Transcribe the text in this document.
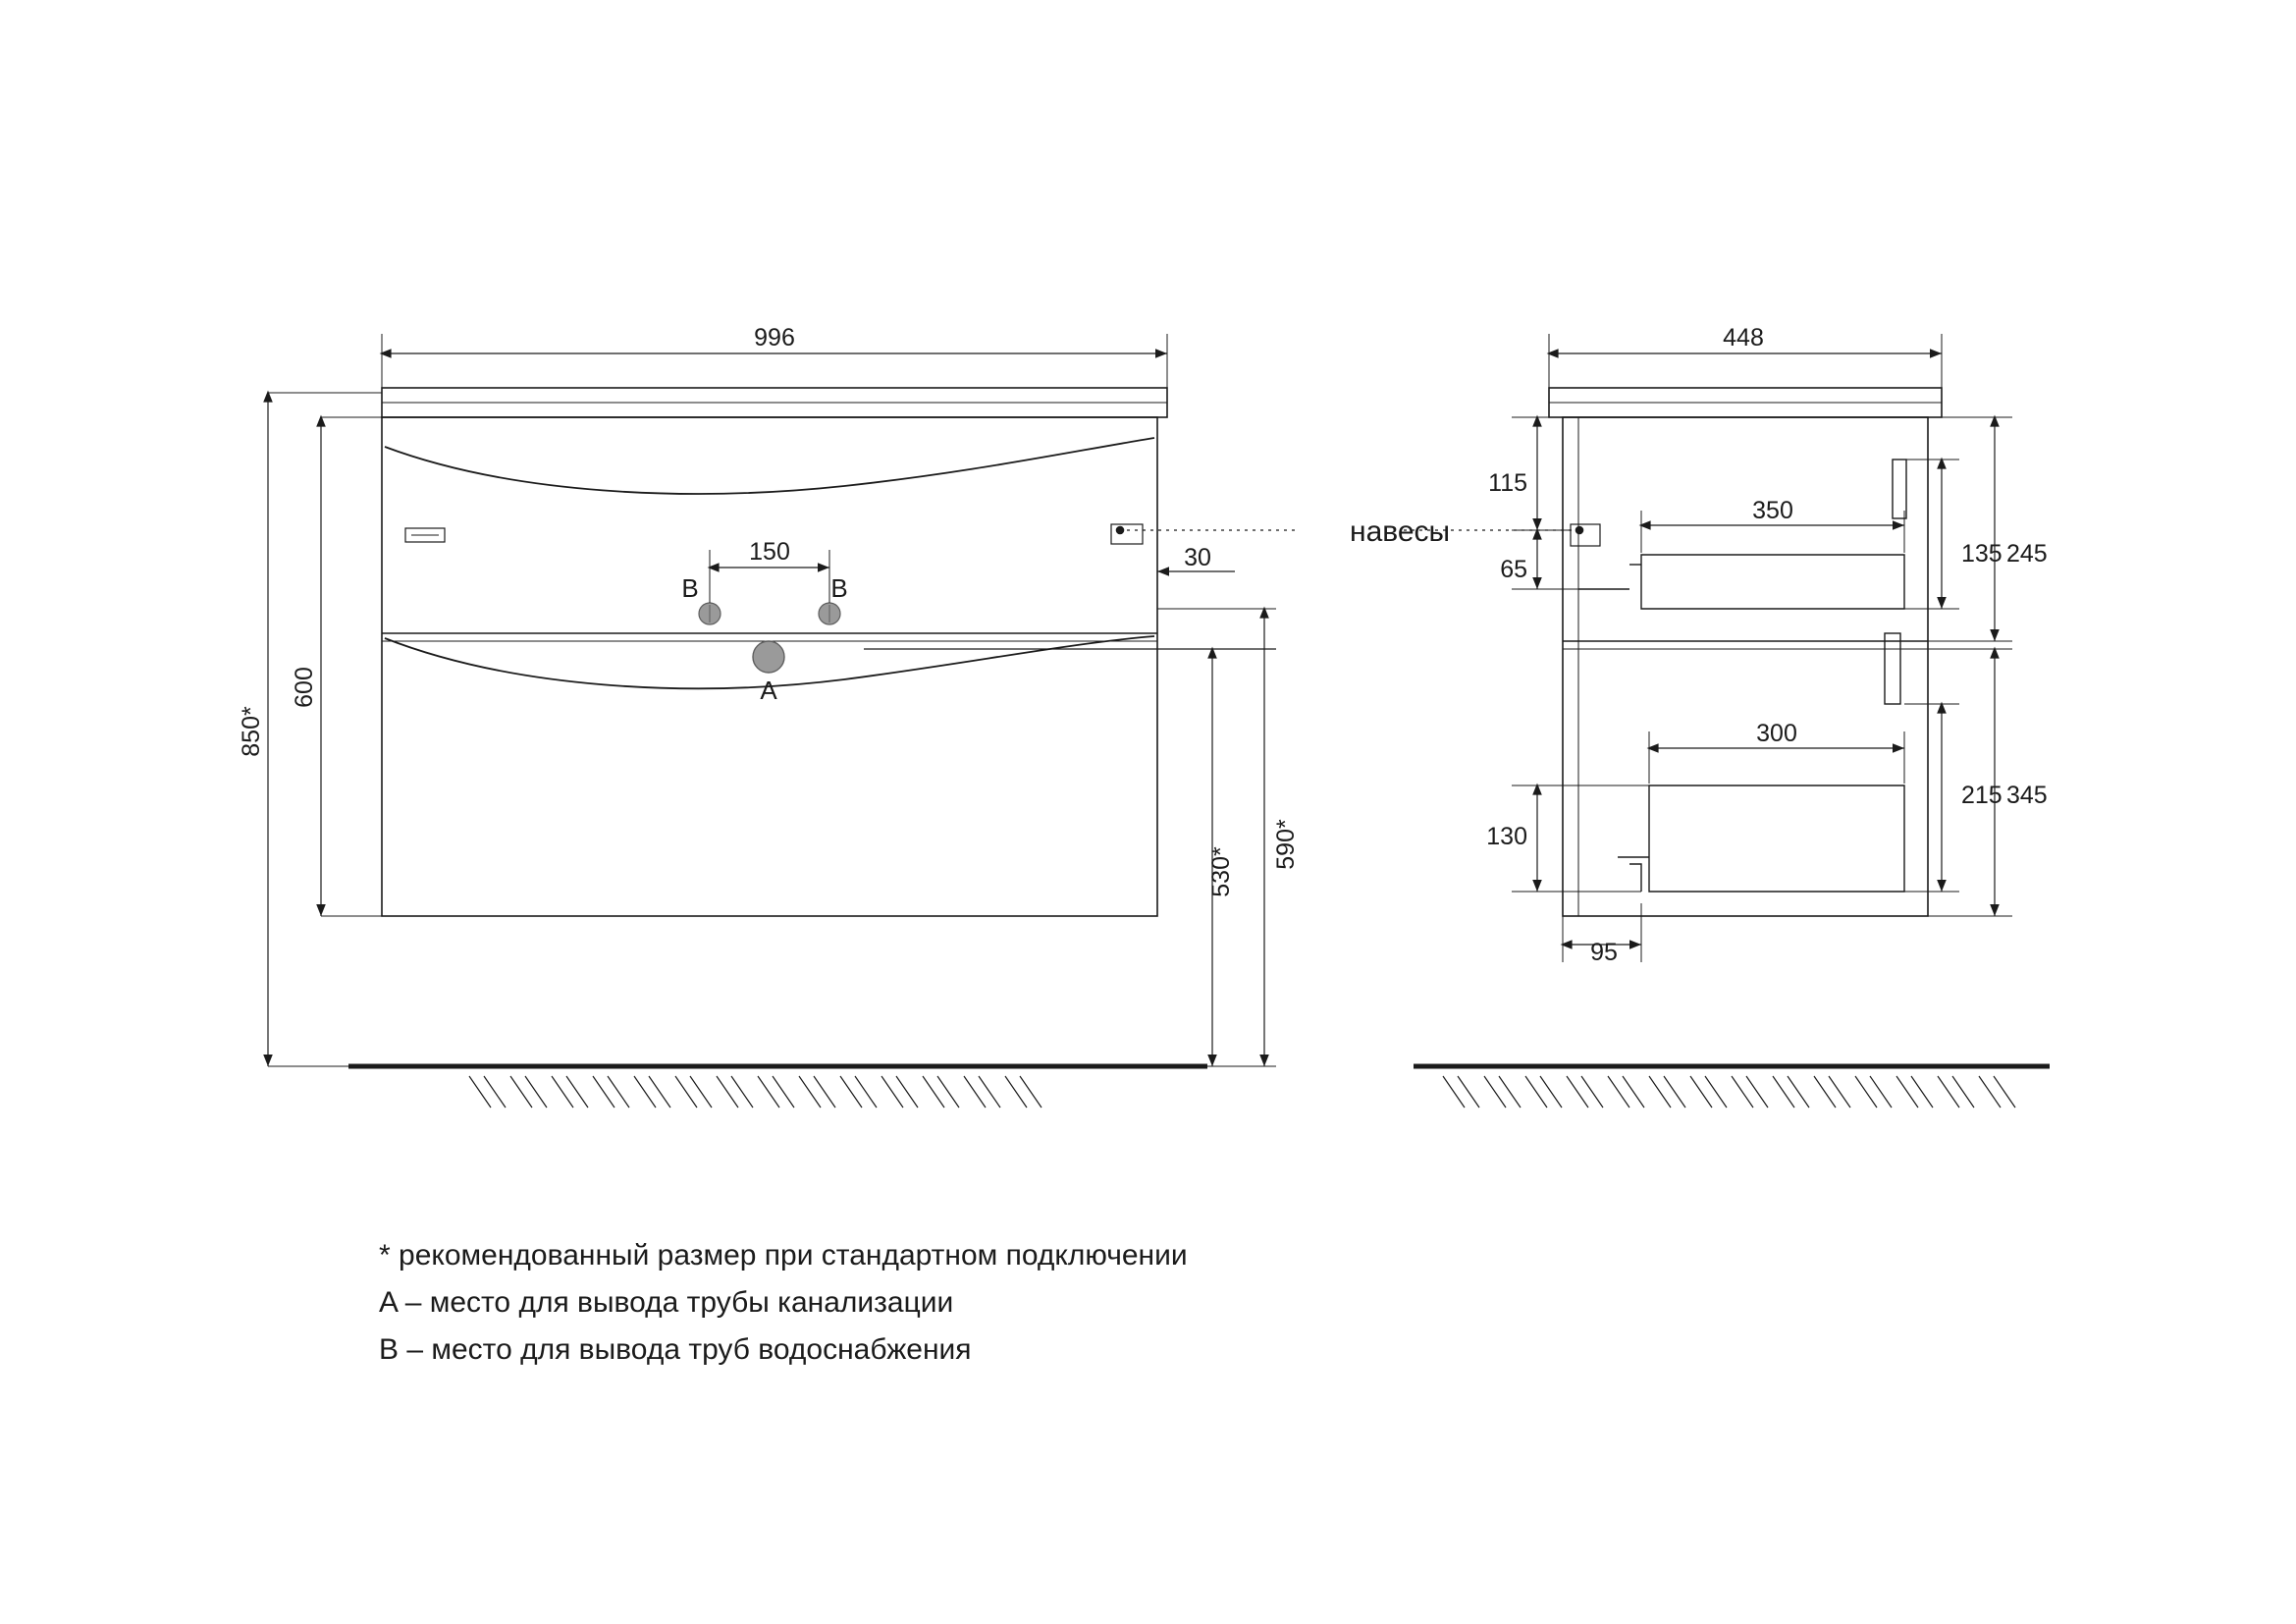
996
600
850*
590*
530*
150	30
B	B
A
448
115
65
130
95
350
300
135 245
215 345
навесы
* рекомендованный размер при стандартном подключении
A – место для вывода трубы канализации
B – место для вывода труб водоснабжения
